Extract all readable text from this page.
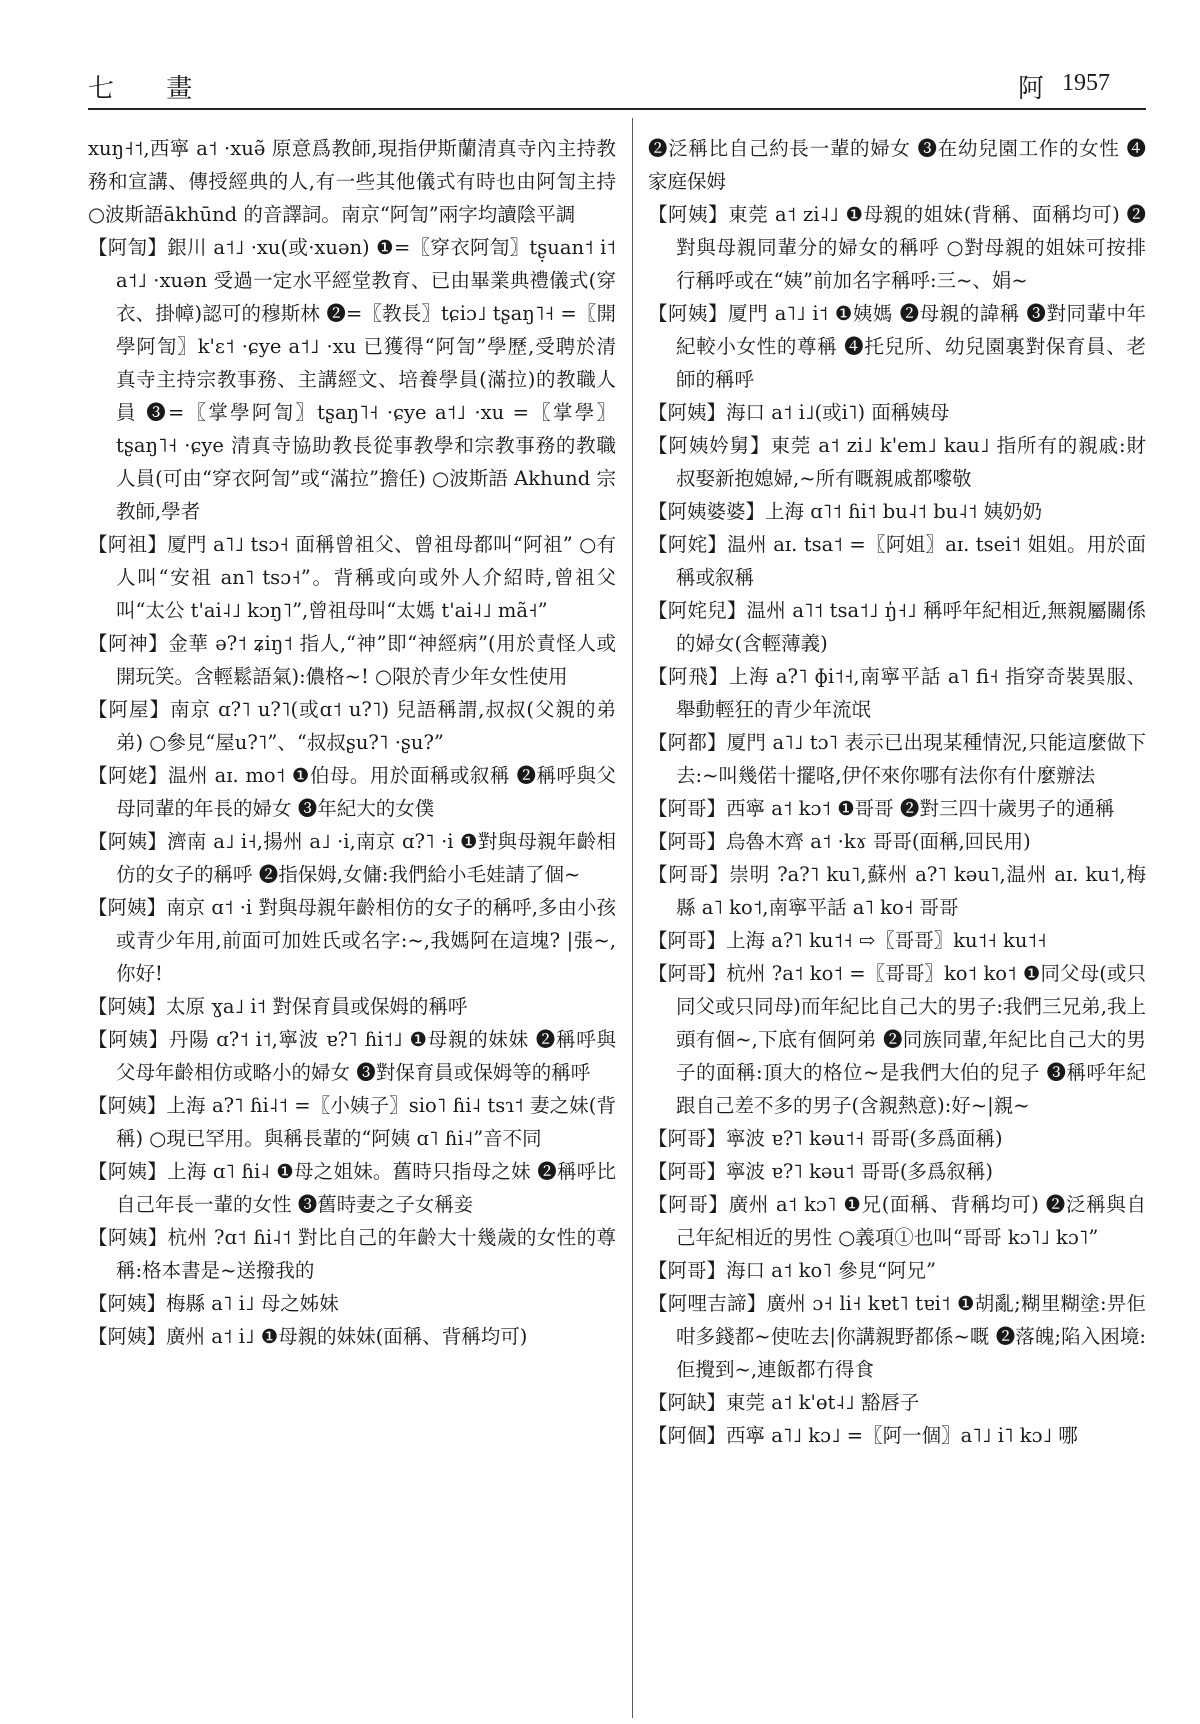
七 畫	阿 1957

xuŋ˧˦,西寧 a˦ ·xuə̃ 原意爲教師,現指伊斯蘭清真寺內主持教務和宣講、傳授經典的人,有一些其他儀式有時也由阿訇主持 ○波斯語ākhūnd 的音譯詞。南京“阿訇”兩字均讀陰平調

【阿訇】銀川 a˦˩ ·xu(或·xuən) ❶=〖穿衣阿訇〗tʂ̣uan˦ i˦ a˦˩ ·xuən 受過一定水平經堂教育、已由畢業典禮儀式(穿衣、掛幛)認可的穆斯林 ❷=〖教長〗tɕiɔ˩ tʂaŋ˥˧ =〖開學阿訇〗k'ɛ˦ ·ɕye a˦˩ ·xu 已獲得“阿訇”學歷,受聘於清真寺主持宗教事務、主講經文、培養學員(滿拉)的教職人員 ❸=〖掌學阿訇〗tʂaŋ˥˧ ·ɕye a˦˩ ·xu =〖掌學〗tʂaŋ˥˧ ·ɕye 清真寺協助教長從事教學和宗教事務的教職人員(可由“穿衣阿訇”或“滿拉”擔任) ○波斯語 Akhund 宗教師,學者

【阿祖】厦門 a˥˩ tsɔ˧ 面稱曾祖父、曾祖母都叫“阿祖” ○有人叫“安祖 an˥ tsɔ˧”。背稱或向或外人介紹時,曾祖父叫“太公 t'ai˨˩ kɔŋ˥”,曾祖母叫“太媽 t'ai˨˩ mã˧”

【阿神】金華 ə?˦ ʑiŋ˦ 指人,“神”即“神經病”(用於責怪人或開玩笑。含輕鬆語氣):儂格~! ○限於青少年女性使用

【阿屋】南京 ɑ?˥ u?˥(或ɑ˦ u?˥) 兒語稱謂,叔叔(父親的弟弟) ○參見“屋u?˥”、“叔叔ʂu?˥ ·ʂu?”

【阿姥】温州 aɪ. mo˦ ❶伯母。用於面稱或叙稱 ❷稱呼與父母同輩的年長的婦女 ❸年紀大的女僕

【阿姨】濟南 a˩ i˧,揚州 a˩ ·i,南京 ɑ?˥ ·i ❶對與母親年齡相仿的女子的稱呼 ❷指保姆,女傭:我們給小毛娃請了個~

【阿姨】南京 ɑ˦ ·i 對與母親年齡相仿的女子的稱呼,多由小孩或青少年用,前面可加姓氏或名字:~,我媽阿在這塊? |張~,你好!

【阿姨】太原 ɣa˩ i˦ 對保育員或保姆的稱呼

【阿姨】丹陽 ɑ?˦ i˦,寧波 ɐ?˥ ɦi˦˩ ❶母親的妹妹 ❷稱呼與父母年齡相仿或略小的婦女 ❸對保育員或保姆等的稱呼

【阿姨】上海 a?˥ ɦi˨˦ =〖小姨子〗sio˥ ɦi˨ tsɿ˦ 妻之妹(背稱) ○現已罕用。與稱長輩的“阿姨 ɑ˥ ɦi˨”音不同

【阿姨】上海 ɑ˥ ɦi˨ ❶母之姐妹。舊時只指母之妹 ❷稱呼比自己年長一輩的女性 ❸舊時妻之子女稱妾

【阿姨】杭州 ?ɑ˦ ɦi˨˦ 對比自己的年齡大十幾歲的女性的尊稱:格本書是~送撥我的

【阿姨】梅縣 a˥ i˩ 母之姊妹

【阿姨】廣州 a˦ i˩ ❶母親的妹妹(面稱、背稱均可)

❷泛稱比自己約長一輩的婦女 ❸在幼兒園工作的女性 ❹家庭保姆

【阿姨】東莞 a˦ zi˨˩ ❶母親的姐妹(背稱、面稱均可) ❷對與母親同輩分的婦女的稱呼 ○對母親的姐妹可按排行稱呼或在“姨”前加名字稱呼:三~、娟~

【阿姨】厦門 a˥˩ i˦ ❶姨媽 ❷母親的諱稱 ❸對同輩中年紀較小女性的尊稱 ❹托兒所、幼兒園裏對保育員、老師的稱呼

【阿姨】海口 a˦ i˩(或i˥) 面稱姨母

【阿姨妗舅】東莞 a˦ zi˩ k'em˩ kau˩ 指所有的親戚:財叔娶新抱媳婦,~所有嘅親戚都嚟敬

【阿姨婆婆】上海 ɑ˥˦ ɦi˦ bu˨˦ bu˨˦ 姨奶奶

【阿姹】温州 aɪ. tsa˦ =〖阿姐〗aɪ. tsei˦ 姐姐。用於面稱或叙稱

【阿姹兒】温州 a˥˦ tsa˦˩ ŋ̍˧˩ 稱呼年紀相近,無親屬關係的婦女(含輕薄義)

【阿飛】上海 a?˥ ɸi˦˧,南寧平話 a˥ fi˧ 指穿奇裝異服、舉動輕狂的青少年流氓

【阿都】厦門 a˥˩ tɔ˥ 表示已出現某種情況,只能這麼做下去:~叫幾偌十擺咯,伊伓來你哪有法你有什麼辦法

【阿哥】西寧 a˦ kɔ˦ ❶哥哥 ❷對三四十歲男子的通稱

【阿哥】烏魯木齊 a˦ ·kɤ 哥哥(面稱,回民用)

【阿哥】崇明 ?a?˥ ku˥,蘇州 a?˥ kəu˥,温州 aɪ. ku˦,梅縣 a˥ ko˦,南寧平話 a˥ ko˧ 哥哥

【阿哥】上海 a?˥ ku˦˧ ⇨〖哥哥〗ku˦˧ ku˦˧

【阿哥】杭州 ?a˦ ko˦ =〖哥哥〗ko˦ ko˦ ❶同父母(或只同父或只同母)而年紀比自己大的男子:我們三兄弟,我上頭有個~,下底有個阿弟 ❷同族同輩,年紀比自己大的男子的面稱:頂大的格位~是我們大伯的兒子 ❸稱呼年紀跟自己差不多的男子(含親熱意):好~|親~

【阿哥】寧波 ɐ?˥ kəu˦˧ 哥哥(多爲面稱)

【阿哥】寧波 ɐ?˥ kəu˦ 哥哥(多爲叙稱)

【阿哥】廣州 a˦ kɔ˥ ❶兄(面稱、背稱均可) ❷泛稱與自己年紀相近的男性 ○義項①也叫“哥哥 kɔ˥˩ kɔ˥”

【阿哥】海口 a˦ ko˥ 參見“阿兄”

【阿哩吉諦】廣州 ɔ˧ li˧ kɐt˥ tɐi˦ ❶胡亂;糊里糊塗:畀佢咁多錢都~使咗去|你講親野都係~嘅 ❷落魄;陷入困境:佢攪到~,連飯都冇得食

【阿缺】東莞 a˦ k'ɵt˨˩ 豁唇子

【阿個】西寧 a˥˩ kɔ˩ =〖阿一個〗a˥˩ i˥ kɔ˩ 哪
